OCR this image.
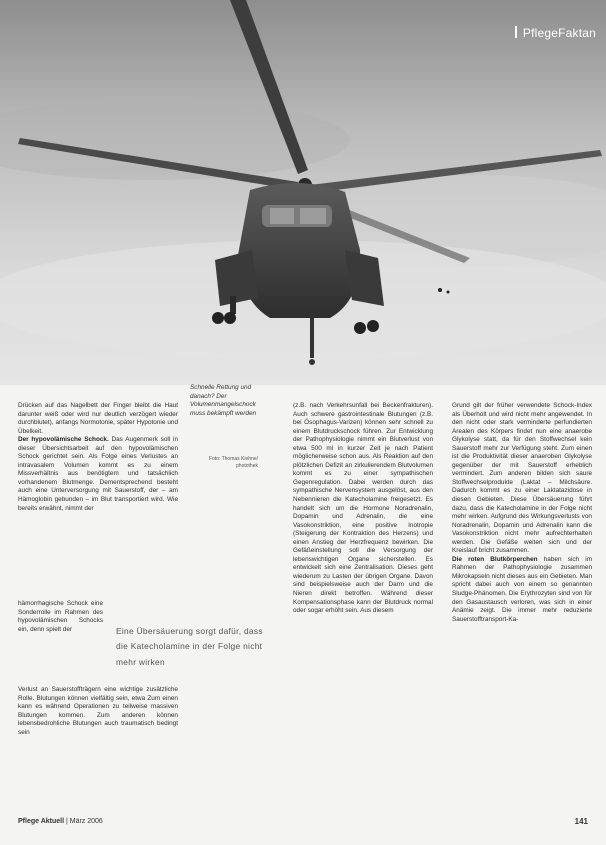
PflegeFaktan
Schnelle Rettung und danach? Der Volumenmangelschock muss bekämpft werden
Foto: Thomas Kiehne/ photothek

Drücken auf das Nagelbett der Finger bleibt die Haut darunter weiß oder wird nur deutlich verzögert wieder durchblutet), anfangs Normotonie, später Hypotonie und Übelkeit.

Der hypovolämische Schock. Das Augenmerk soll in dieser Übersichtsarbeit auf den hypovolämischen Schock gerichtet sein. Als Folge eines Verlustes an intravasalem Volumen kommt es zu einem Missverhältnis aus benötigtem und tatsächlich vorhandenem Blutmenge. Dementsprechend besteht auch eine Unterversorgung mit Sauerstoff, der – am Hämoglobin gebunden – im Blut transportiert wird. Wie bereits erwähnt, nimmt der

hämorrhagische Schock eine Sonderrolle im Rahmen des hypovolämischen Schocks ein, denn spielt der

Verlust an Sauerstoffträgern eine wichtige zusätzliche Rolle. Blutungen können vielfältig sein, etwa Zum einen kann es während Operationen zu teilweise massiven Blutungen kommen. Zum anderen können lebensbedrohliche Blutungen auch traumatisch bedingt sein

Eine Übersäuerung sorgt dafür, dass die Katecholamine in der Folge nicht mehr wirken

(z.B. nach Verkehrsunfall bei Beckenfrakturen). Auch schwere gastrointestinale Blutungen (z.B. bei Ösophagus-Varizen) können sehr schnell zu einem Blutdruckschock führen. Zur Entwicklung der Pathophysiologie nimmt ein Blutverlust von etwa 500 ml in kurzer Zeit je nach Patient möglicherweise schon aus. Als Reaktion auf den plötzlichen Defizit an zirkulierendem Blutvolumen kommt es zu einer sympathischen Gegenregulation. Dabei werden durch das sympathische Nervensystem ausgelöst, aus den Nebennieren die Katecholamine freigesetzt. Es handelt sich um die Hormone Noradrenalin, Dopamin und Adrenalin, die eine Vasokonstriktion, eine positive Inotropie (Steigerung der Kontraktion des Herzens) und einen Anstieg der Herzfrequenz bewirken. Die Gefäßeinstellung soll die Versorgung der lebenswichtigen Organe sicherstellen. Es entwickelt sich eine Zentralisation. Dieses geht wiederum zu Lasten der übrigen Organe. Davon sind beispielsweise auch der Darm und die Nieren direkt betroffen. Während dieser Kompensationsphase kann der Blutdruck normal oder sogar erhöht sein. Aus diesem

Grund gilt der früher verwendete Schock-Index als Überholt und wird nicht mehr angewendet. In den nicht oder stark verminderte perfundierten Arealen des Körpers findet nun eine anaerobe Glykolyse statt, da für den Stoffwechsel kein Sauerstoff mehr zur Verfügung steht. Zum einen ist die Produktivität dieser anaeroben Glykolyse gegenüber der mit Sauerstoff erheblich vermindert. Zum anderen bilden sich saure Stoffwechselprodukte (Laktat – Milchsäure. Dadurch kommt es zu einer Laktatazidose in diesen Gebieten. Diese Übersäuerung führt dazu, dass die Katecholamine in der Folge nicht mehr wirken. Aufgrund des Wirkungsverlusts von Noradrenalin, Dopamin und Adrenalin kann die Vasokonstriktion nicht mehr aufrechterhalten werden. Die Gefäße weiten sich und der Kreislauf bricht zusammen.

Die roten Blutkörperchen haben sich im Rahmen der Pathophysiologie zusammen Mikrokapseln nicht dieses aus ein Gebieten. Man spricht dabei auch von einem so genannten Sludge-Phänomen. Die Erythrozyten sind von für den Gasaustausch verloren, was sich in einer Anämie zeigt. Die immer mehr reduzierte Sauerstofftransport-Ka-

Pflege Aktuell | März 2006	141
